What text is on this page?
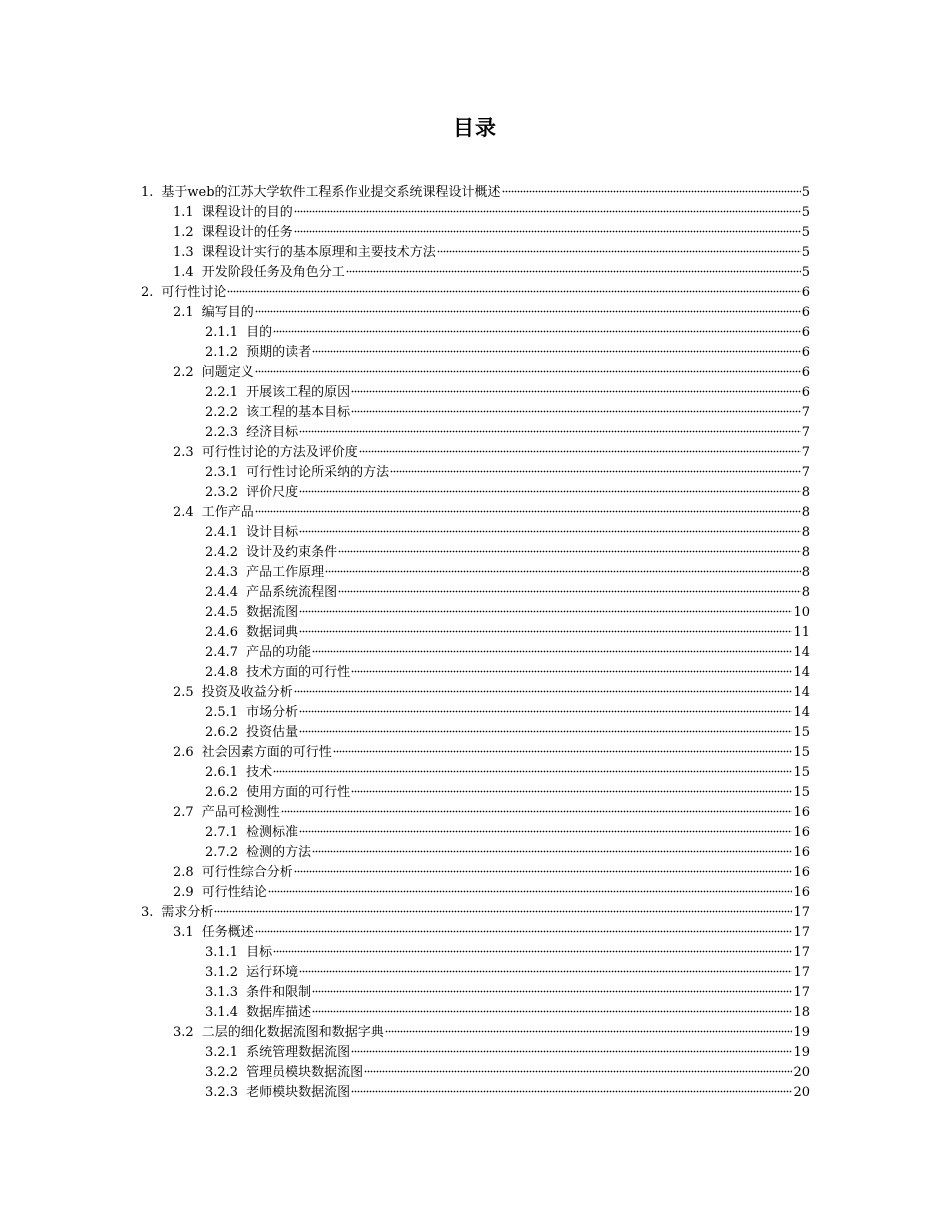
目录
1. 基于web的江苏大学软件工程系作业提交系统课程设计概述	5
1.1 课程设计的目的	5
1.2 课程设计的任务	5
1.3 课程设计实行的基本原理和主要技术方法	5
1.4 开发阶段任务及角色分工	5
2. 可行性讨论	6
2.1 编写目的	6
2.1.1 目的	6
2.1.2 预期的读者	6
2.2 问题定义	6
2.2.1 开展该工程的原因	6
2.2.2 该工程的基本目标	7
2.2.3 经济目标	7
2.3 可行性讨论的方法及评价度	7
2.3.1 可行性讨论所采纳的方法	7
2.3.2 评价尺度	8
2.4 工作产品	8
2.4.1 设计目标	8
2.4.2 设计及约束条件	8
2.4.3 产品工作原理	8
2.4.4 产品系统流程图	8
2.4.5 数据流图	10
2.4.6 数据词典	11
2.4.7 产品的功能	14
2.4.8 技术方面的可行性	14
2.5 投资及收益分析	14
2.5.1 市场分析	14
2.6.2 投资估量	15
2.6 社会因素方面的可行性	15
2.6.1 技术	15
2.6.2 使用方面的可行性	15
2.7 产品可检测性	16
2.7.1 检测标准	16
2.7.2 检测的方法	16
2.8 可行性综合分析	16
2.9 可行性结论	16
3. 需求分析	17
3.1 任务概述	17
3.1.1 目标	17
3.1.2 运行环境	17
3.1.3 条件和限制	17
3.1.4 数据库描述	18
3.2 二层的细化数据流图和数据字典	19
3.2.1 系统管理数据流图	19
3.2.2 管理员模块数据流图	20
3.2.3 老师模块数据流图	20
